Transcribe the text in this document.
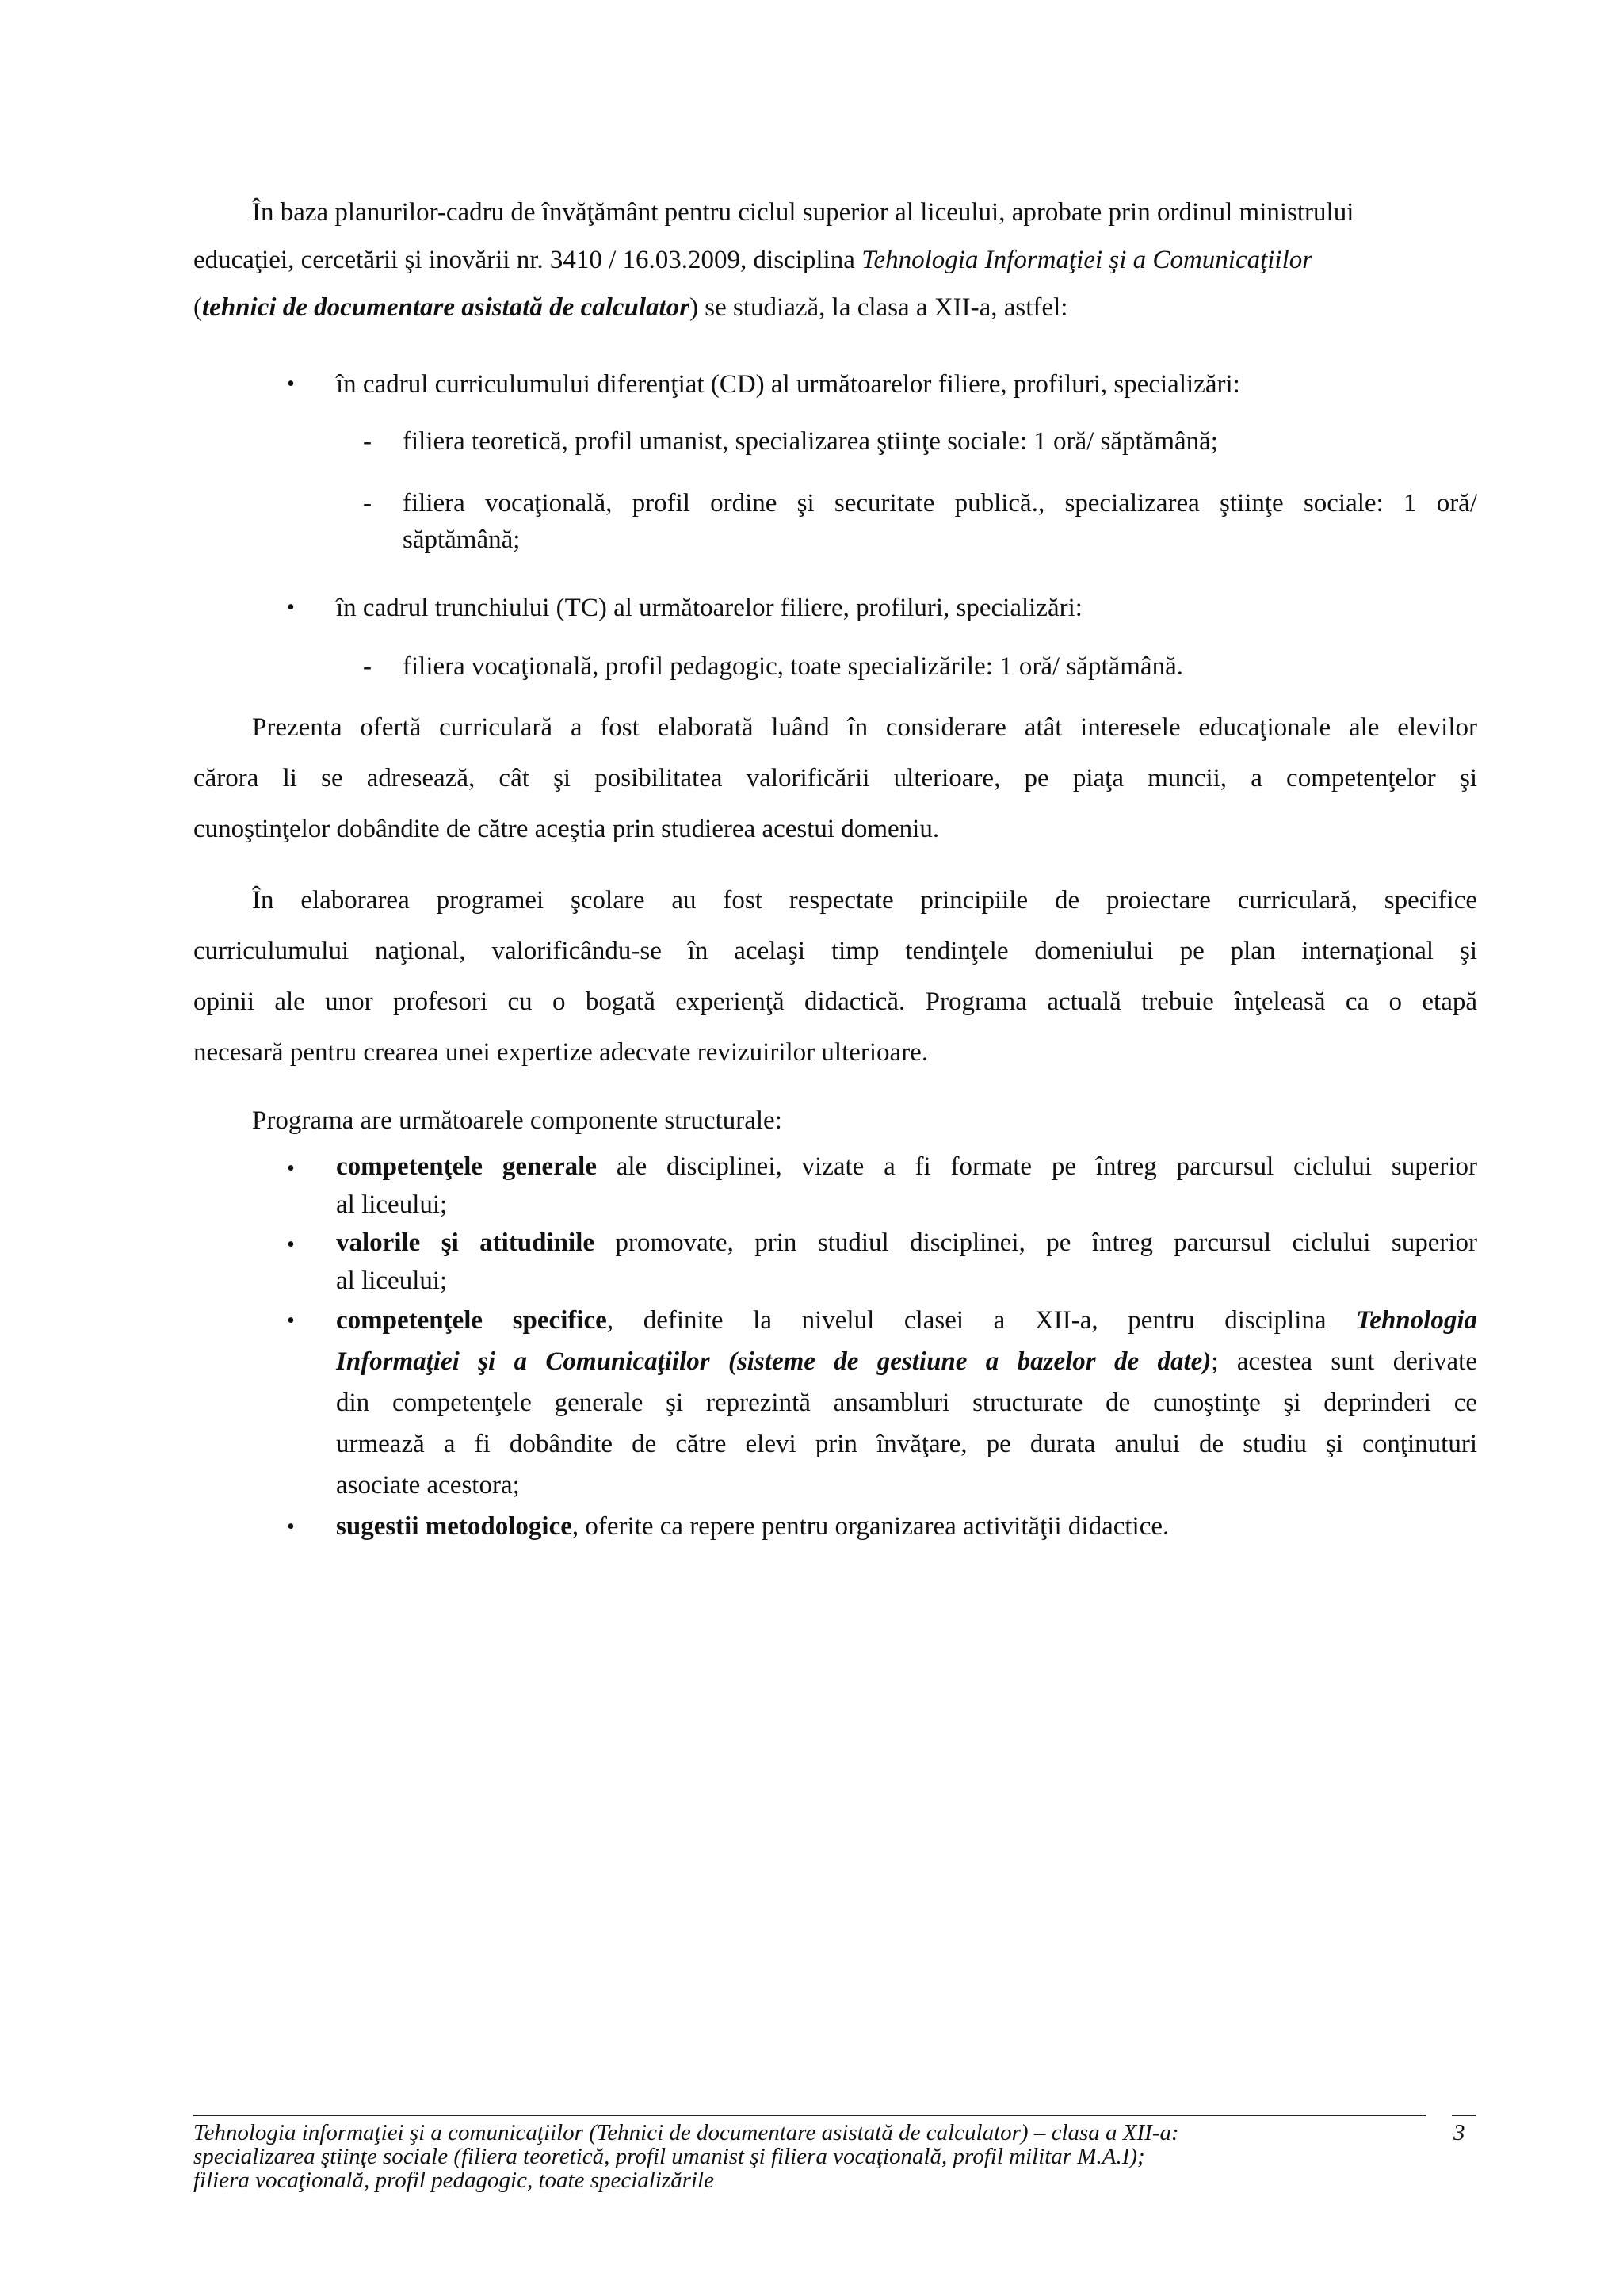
În baza planurilor-cadru de învăţământ pentru ciclul superior al liceului, aprobate prin ordinul ministrului
educaţiei, cercetării şi inovării nr. 3410 / 16.03.2009, disciplina Tehnologia Informaţiei şi a Comunicaţiilor
(tehnici de documentare asistată de calculator) se studiază, la clasa a XII-a, astfel:
• în cadrul curriculumului diferenţiat (CD) al următoarelor filiere, profiluri, specializări:
- filiera teoretică, profil umanist, specializarea ştiinţe sociale: 1 oră/ săptămână;
- filiera vocaţională, profil ordine şi securitate publică., specializarea ştiinţe sociale: 1 oră/
săptămână;
• în cadrul trunchiului (TC) al următoarelor filiere, profiluri, specializări:
- filiera vocaţională, profil pedagogic, toate specializările: 1 oră/ săptămână.
Prezenta ofertă curriculară a fost elaborată luând în considerare atât interesele educaţionale ale elevilor
cărora li se adresează, cât şi posibilitatea valorificării ulterioare, pe piaţa muncii, a competenţelor şi
cunoştinţelor dobândite de către aceştia prin studierea acestui domeniu.
În elaborarea programei şcolare au fost respectate principiile de proiectare curriculară, specifice
curriculumului naţional, valorificându-se în acelaşi timp tendinţele domeniului pe plan internaţional şi
opinii ale unor profesori cu o bogată experienţă didactică. Programa actuală trebuie înţeleasă ca o etapă
necesară pentru crearea unei expertize adecvate revizuirilor ulterioare.
Programa are următoarele componente structurale:
• competenţele generale ale disciplinei, vizate a fi formate pe întreg parcursul ciclului superior
al liceului;
• valorile şi atitudinile promovate, prin studiul disciplinei, pe întreg parcursul ciclului superior
al liceului;
• competenţele specifice, definite la nivelul clasei a XII-a, pentru disciplina Tehnologia
Informaţiei şi a Comunicaţiilor (sisteme de gestiune a bazelor de date); acestea sunt derivate
din competenţele generale şi reprezintă ansambluri structurate de cunoştinţe şi deprinderi ce
urmează a fi dobândite de către elevi prin învăţare, pe durata anului de studiu şi conţinuturi
asociate acestora;
• sugestii metodologice, oferite ca repere pentru organizarea activităţii didactice.
Tehnologia informaţiei şi a comunicaţiilor (Tehnici de documentare asistată de calculator) – clasa a XII-a:
specializarea ştiinţe sociale (filiera teoretică, profil umanist şi filiera vocaţională, profil militar M.A.I);
filiera vocaţională, profil pedagogic, toate specializările
3
